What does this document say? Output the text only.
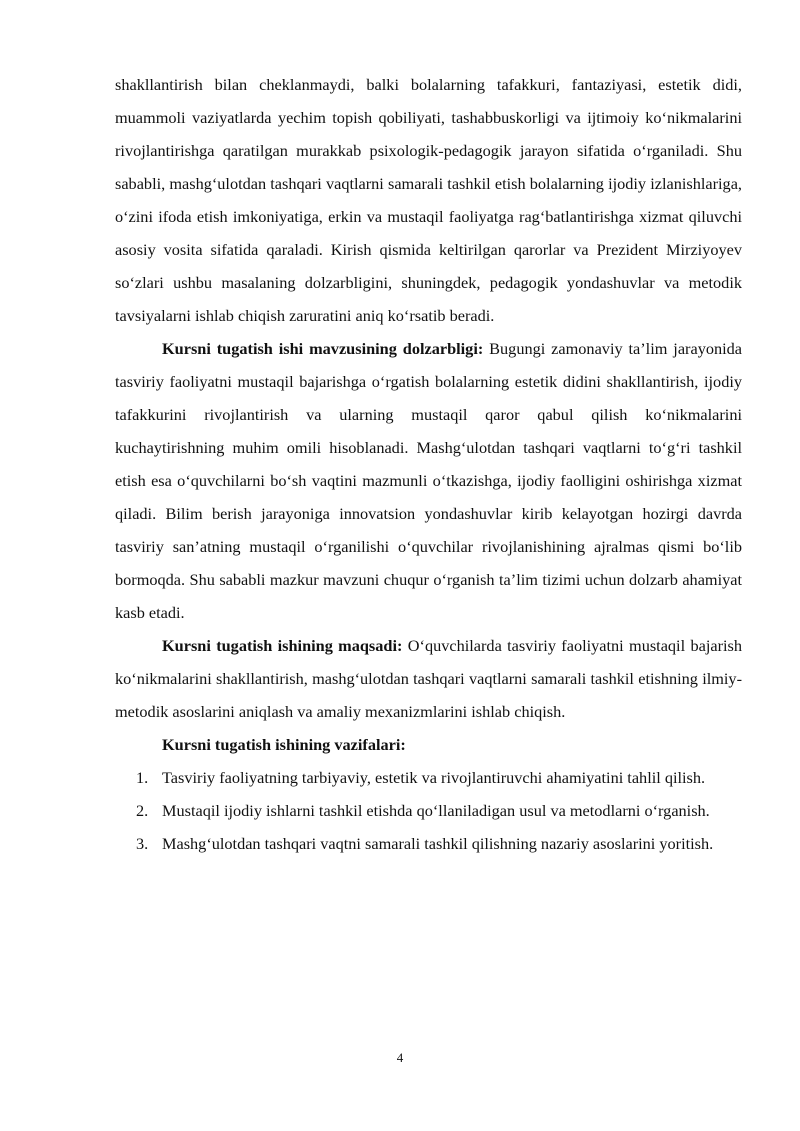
shakllantirish bilan cheklanmaydi, balki bolalarning tafakkuri, fantaziyasi, estetik didi, muammoli vaziyatlarda yechim topish qobiliyati, tashabbuskorligi va ijtimoiy ko‘nikmalarini rivojlantirishga qaratilgan murakkab psixologik-pedagogik jarayon sifatida o‘rganiladi. Shu sababli, mashg‘ulotdan tashqari vaqtlarni samarali tashkil etish bolalarning ijodiy izlanishlariga, o‘zini ifoda etish imkoniyatiga, erkin va mustaqil faoliyatga rag‘batlantirishga xizmat qiluvchi asosiy vosita sifatida qaraladi. Kirish qismida keltirilgan qarorlar va Prezident Mirziyoyev so‘zlari ushbu masalaning dolzarbligini, shuningdek, pedagogik yondashuvlar va metodik tavsiyalarni ishlab chiqish zaruratini aniq ko‘rsatib beradi.

Kursni tugatish ishi mavzusining dolzarbligi: Bugungi zamonaviy ta’lim jarayonida tasviriy faoliyatni mustaqil bajarishga o‘rgatish bolalarning estetik didini shakllantirish, ijodiy tafakkurini rivojlantirish va ularning mustaqil qaror qabul qilish ko‘nikmalarini kuchaytirishning muhim omili hisoblanadi. Mashg‘ulotdan tashqari vaqtlarni to‘g‘ri tashkil etish esa o‘quvchilarni bo‘sh vaqtini mazmunli o‘tkazishga, ijodiy faolligini oshirishga xizmat qiladi. Bilim berish jarayoniga innovatsion yondashuvlar kirib kelayotgan hozirgi davrda tasviriy san’atning mustaqil o‘rganilishi o‘quvchilar rivojlanishining ajralmas qismi bo‘lib bormoqda. Shu sababli mazkur mavzuni chuqur o‘rganish ta’lim tizimi uchun dolzarb ahamiyat kasb etadi.

Kursni tugatish ishining maqsadi: O‘quvchilarda tasviriy faoliyatni mustaqil bajarish ko‘nikmalarini shakllantirish, mashg‘ulotdan tashqari vaqtlarni samarali tashkil etishning ilmiy-metodik asoslarini aniqlash va amaliy mexanizmlarini ishlab chiqish.

Kursni tugatish ishining vazifalari:

1. Tasviriy faoliyatning tarbiyaviy, estetik va rivojlantiruvchi ahamiyatini tahlil qilish.
2. Mustaqil ijodiy ishlarni tashkil etishda qo‘llaniladigan usul va metodlarni o‘rganish.
3. Mashg‘ulotdan tashqari vaqtni samarali tashkil qilishning nazariy asoslarini yoritish.
4
